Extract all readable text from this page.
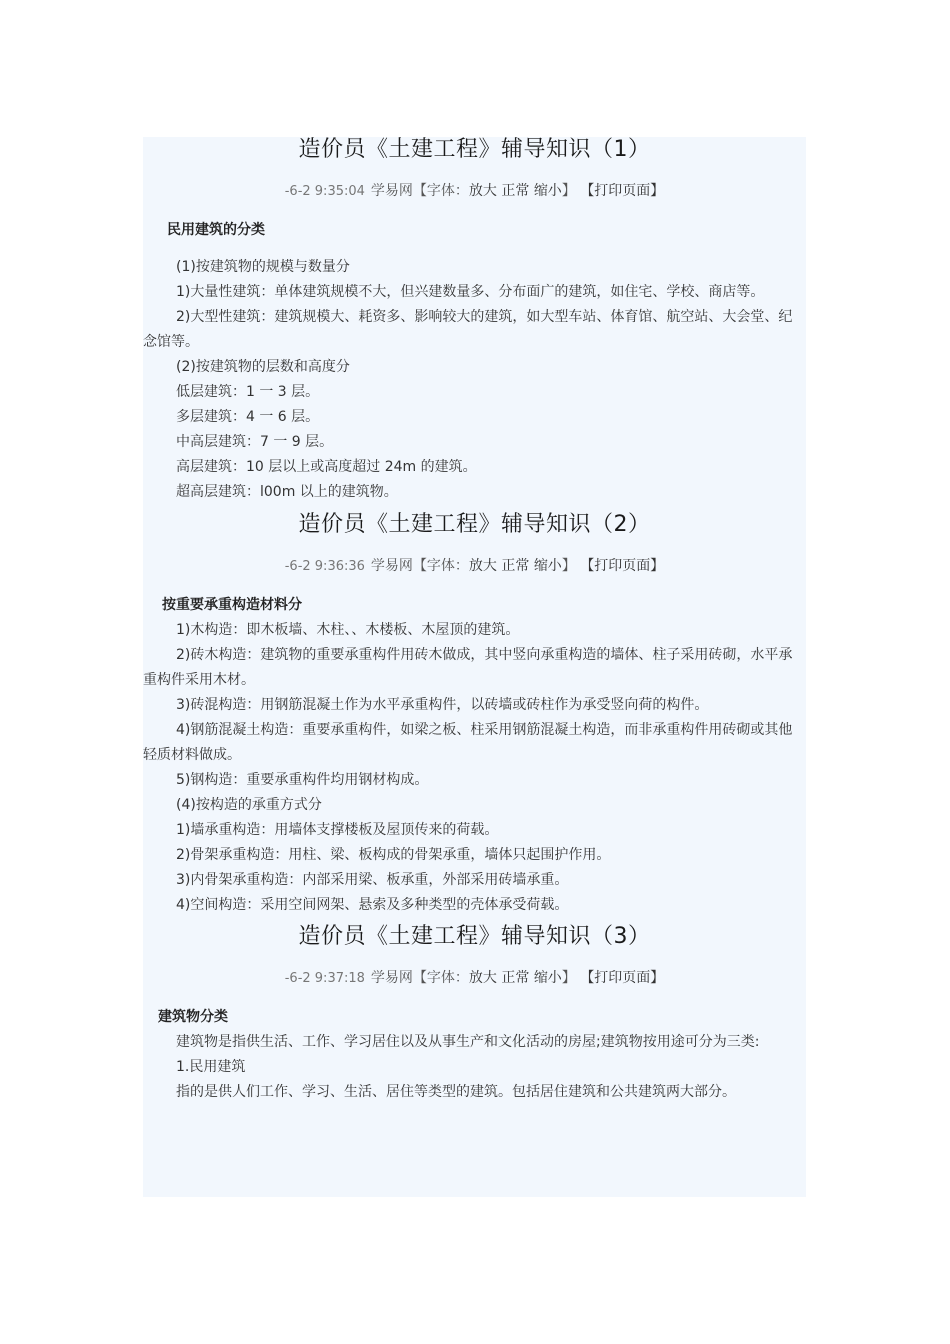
造价员《土建工程》辅导知识（1）
-6-2 9:35:04 学易网【字体：放大 正常 缩小】 【打印页面】
民用建筑的分类

(1)按建筑物的规模与数量分

1)大量性建筑：单体建筑规模不大，但兴建数量多、分布面广的建筑，如住宅、学校、商店等。

2)大型性建筑：建筑规模大、耗资多、影响较大的建筑，如大型车站、体育馆、航空站、大会堂、纪念馆等。

(2)按建筑物的层数和高度分

低层建筑：1 一 3 层。

多层建筑：4 一 6 层。

中高层建筑：7 一 9 层。

高层建筑：10 层以上或高度超过 24m 的建筑。

超高层建筑：l00m 以上的建筑物。

造价员《土建工程》辅导知识（2）
-6-2 9:36:36 学易网【字体：放大 正常 缩小】 【打印页面】
按重要承重构造材料分

1)木构造：即木板墙、木柱、、木楼板、木屋顶的建筑。

2)砖木构造：建筑物的重要承重构件用砖木做成，其中竖向承重构造的墙体、柱子采用砖砌，水平承重构件采用木材。

3)砖混构造：用钢筋混凝土作为水平承重构件，以砖墙或砖柱作为承受竖向荷的构件。

4)钢筋混凝土构造：重要承重构件，如梁之板、柱采用钢筋混凝土构造，而非承重构件用砖砌或其他轻质材料做成。

5)钢构造：重要承重构件均用钢材构成。

(4)按构造的承重方式分

1)墙承重构造：用墙体支撑楼板及屋顶传来的荷载。

2)骨架承重构造：用柱、梁、板构成的骨架承重，墙体只起围护作用。

3)内骨架承重构造：内部采用梁、板承重，外部采用砖墙承重。

4)空间构造：采用空间网架、悬索及多种类型的壳体承受荷载。

造价员《土建工程》辅导知识（3）
-6-2 9:37:18 学易网【字体：放大 正常 缩小】 【打印页面】
建筑物分类

建筑物是指供生活、工作、学习居住以及从事生产和文化活动的房屋;建筑物按用途可分为三类:

1.民用建筑

指的是供人们工作、学习、生活、居住等类型的建筑。包括居住建筑和公共建筑两大部分。
